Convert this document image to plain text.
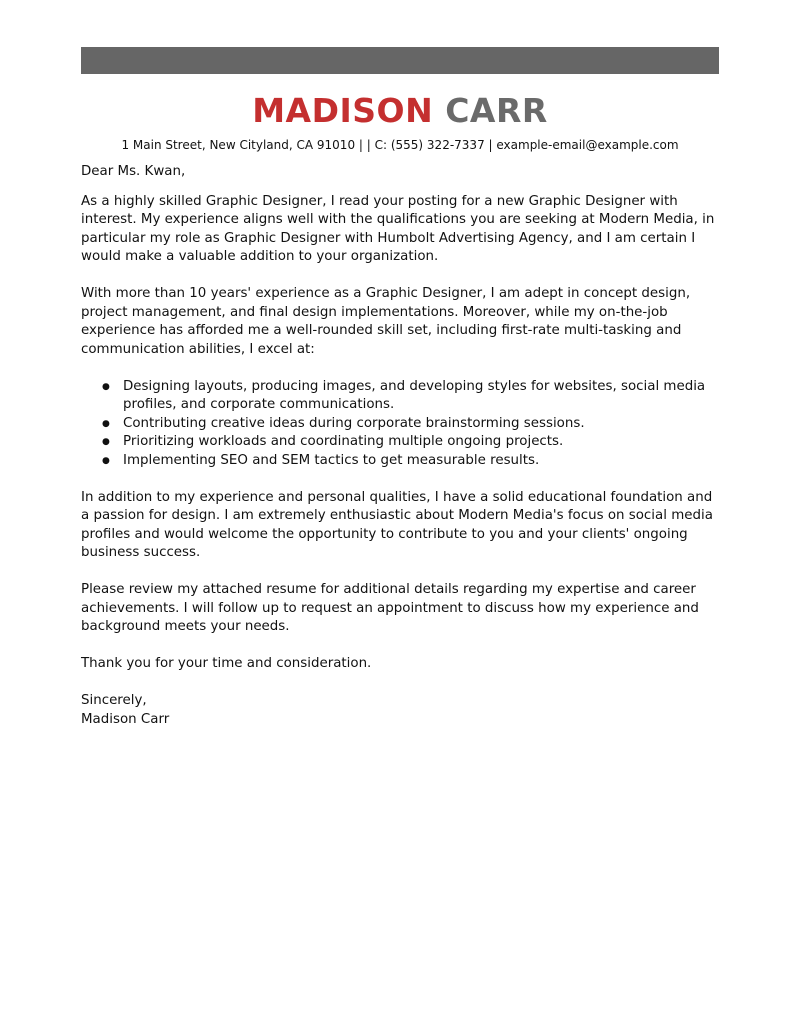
MADISON CARR
1 Main Street, New Cityland, CA 91010 | | C: (555) 322-7337 | example-email@example.com

Dear Ms. Kwan,

As a highly skilled Graphic Designer, I read your posting for a new Graphic Designer with interest. My experience aligns well with the qualifications you are seeking at Modern Media, in particular my role as Graphic Designer with Humbolt Advertising Agency, and I am certain I would make a valuable addition to your organization.

With more than 10 years' experience as a Graphic Designer, I am adept in concept design, project management, and final design implementations. Moreover, while my on-the-job experience has afforded me a well-rounded skill set, including first-rate multi-tasking and communication abilities, I excel at:

● Designing layouts, producing images, and developing styles for websites, social media profiles, and corporate communications.
● Contributing creative ideas during corporate brainstorming sessions.
● Prioritizing workloads and coordinating multiple ongoing projects.
● Implementing SEO and SEM tactics to get measurable results.

In addition to my experience and personal qualities, I have a solid educational foundation and a passion for design. I am extremely enthusiastic about Modern Media's focus on social media profiles and would welcome the opportunity to contribute to you and your clients' ongoing business success.

Please review my attached resume for additional details regarding my expertise and career achievements. I will follow up to request an appointment to discuss how my experience and background meets your needs.

Thank you for your time and consideration.

Sincerely,

Madison Carr
